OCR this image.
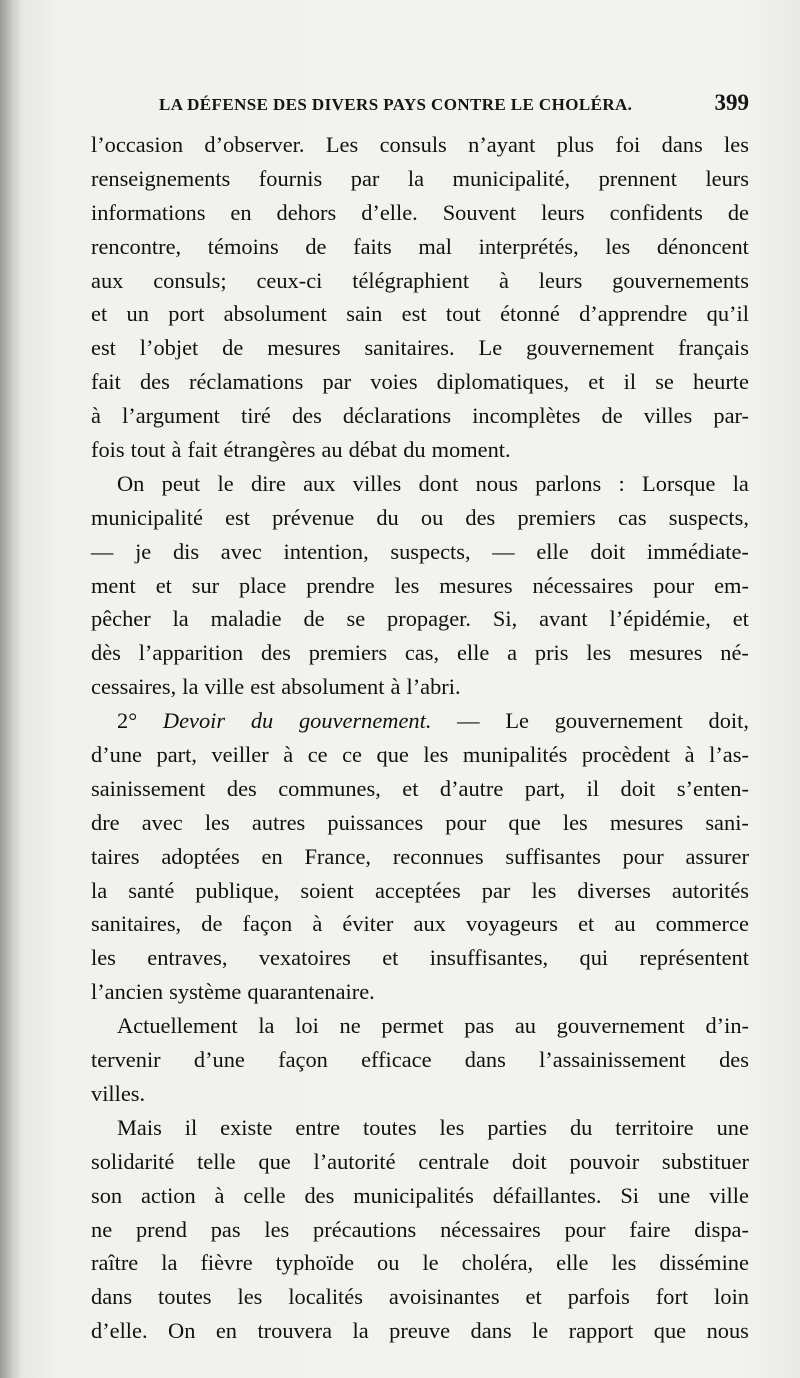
LA DÉFENSE DES DIVERS PAYS CONTRE LE CHOLÉRA.	399
l’occasion d’observer. Les consuls n’ayant plus foi dans les
renseignements fournis par la municipalité, prennent leurs
informations en dehors d’elle. Souvent leurs confidents de
rencontre, témoins de faits mal interprétés, les dénoncent
aux consuls; ceux-ci télégraphient à leurs gouvernements
et un port absolument sain est tout étonné d’apprendre qu’il
est l’objet de mesures sanitaires. Le gouvernement français
fait des réclamations par voies diplomatiques, et il se heurte
à l’argument tiré des déclarations incomplètes de villes par-
fois tout à fait étrangères au débat du moment.
On peut le dire aux villes dont nous parlons : Lorsque la
municipalité est prévenue du ou des premiers cas suspects,
— je dis avec intention, suspects, — elle doit immédiate-
ment et sur place prendre les mesures nécessaires pour em-
pêcher la maladie de se propager. Si, avant l’épidémie, et
dès l’apparition des premiers cas, elle a pris les mesures né-
cessaires, la ville est absolument à l’abri.
2° Devoir du gouvernement. — Le gouvernement doit,
d’une part, veiller à ce ce que les munipalités procèdent à l’as-
sainissement des communes, et d’autre part, il doit s’enten-
dre avec les autres puissances pour que les mesures sani-
taires adoptées en France, reconnues suffisantes pour assurer
la santé publique, soient acceptées par les diverses autorités
sanitaires, de façon à éviter aux voyageurs et au commerce
les entraves, vexatoires et insuffisantes, qui représentent
l’ancien système quarantenaire.
Actuellement la loi ne permet pas au gouvernement d’in-
tervenir d’une façon efficace dans l’assainissement des
villes.
Mais il existe entre toutes les parties du territoire une
solidarité telle que l’autorité centrale doit pouvoir substituer
son action à celle des municipalités défaillantes. Si une ville
ne prend pas les précautions nécessaires pour faire dispa-
raître la fièvre typhoïde ou le choléra, elle les dissémine
dans toutes les localités avoisinantes et parfois fort loin
d’elle. On en trouvera la preuve dans le rapport que nous
